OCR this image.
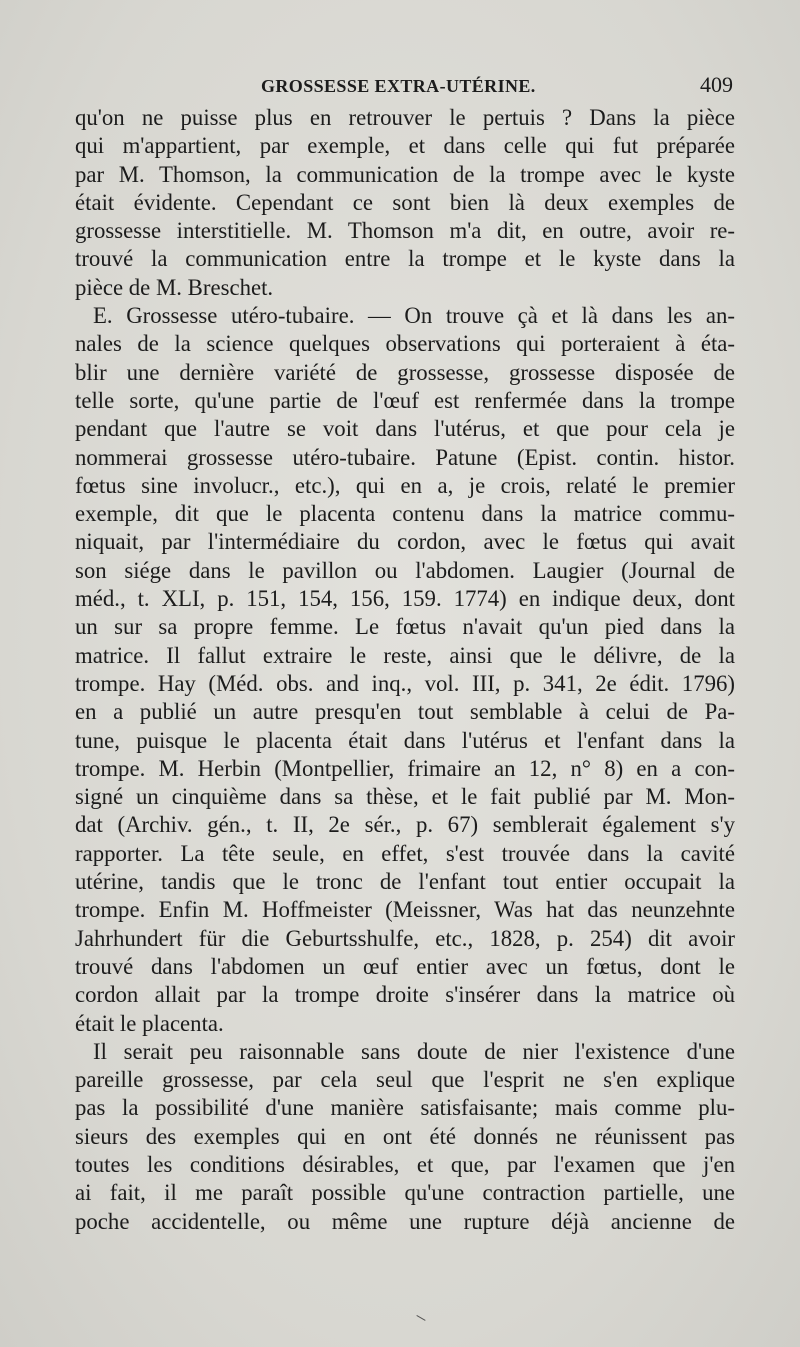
GROSSESSE EXTRA-UTÉRINE.	409
qu'on ne puisse plus en retrouver le pertuis ? Dans la pièce
qui m'appartient, par exemple, et dans celle qui fut préparée
par M. Thomson, la communication de la trompe avec le kyste
était évidente. Cependant ce sont bien là deux exemples de
grossesse interstitielle. M. Thomson m'a dit, en outre, avoir re-
trouvé la communication entre la trompe et le kyste dans la
pièce de M. Breschet.
E. Grossesse utéro-tubaire. — On trouve çà et là dans les an-
nales de la science quelques observations qui porteraient à éta-
blir une dernière variété de grossesse, grossesse disposée de
telle sorte, qu'une partie de l'œuf est renfermée dans la trompe
pendant que l'autre se voit dans l'utérus, et que pour cela je
nommerai grossesse utéro-tubaire. Patune (Epist. contin. histor.
fœtus sine involucr., etc.), qui en a, je crois, relaté le premier
exemple, dit que le placenta contenu dans la matrice commu-
niquait, par l'intermédiaire du cordon, avec le fœtus qui avait
son siége dans le pavillon ou l'abdomen. Laugier (Journal de
méd., t. XLI, p. 151, 154, 156, 159. 1774) en indique deux, dont
un sur sa propre femme. Le fœtus n'avait qu'un pied dans la
matrice. Il fallut extraire le reste, ainsi que le délivre, de la
trompe. Hay (Méd. obs. and inq., vol. III, p. 341, 2e édit. 1796)
en a publié un autre presqu'en tout semblable à celui de Pa-
tune, puisque le placenta était dans l'utérus et l'enfant dans la
trompe. M. Herbin (Montpellier, frimaire an 12, n° 8) en a con-
signé un cinquième dans sa thèse, et le fait publié par M. Mon-
dat (Archiv. gén., t. II, 2e sér., p. 67) semblerait également s'y
rapporter. La tête seule, en effet, s'est trouvée dans la cavité
utérine, tandis que le tronc de l'enfant tout entier occupait la
trompe. Enfin M. Hoffmeister (Meissner, Was hat das neunzehnte
Jahrhundert für die Geburtsshulfe, etc., 1828, p. 254) dit avoir
trouvé dans l'abdomen un œuf entier avec un fœtus, dont le
cordon allait par la trompe droite s'insérer dans la matrice où
était le placenta.
Il serait peu raisonnable sans doute de nier l'existence d'une
pareille grossesse, par cela seul que l'esprit ne s'en explique
pas la possibilité d'une manière satisfaisante; mais comme plu-
sieurs des exemples qui en ont été donnés ne réunissent pas
toutes les conditions désirables, et que, par l'examen que j'en
ai fait, il me paraît possible qu'une contraction partielle, une
poche accidentelle, ou même une rupture déjà ancienne de
